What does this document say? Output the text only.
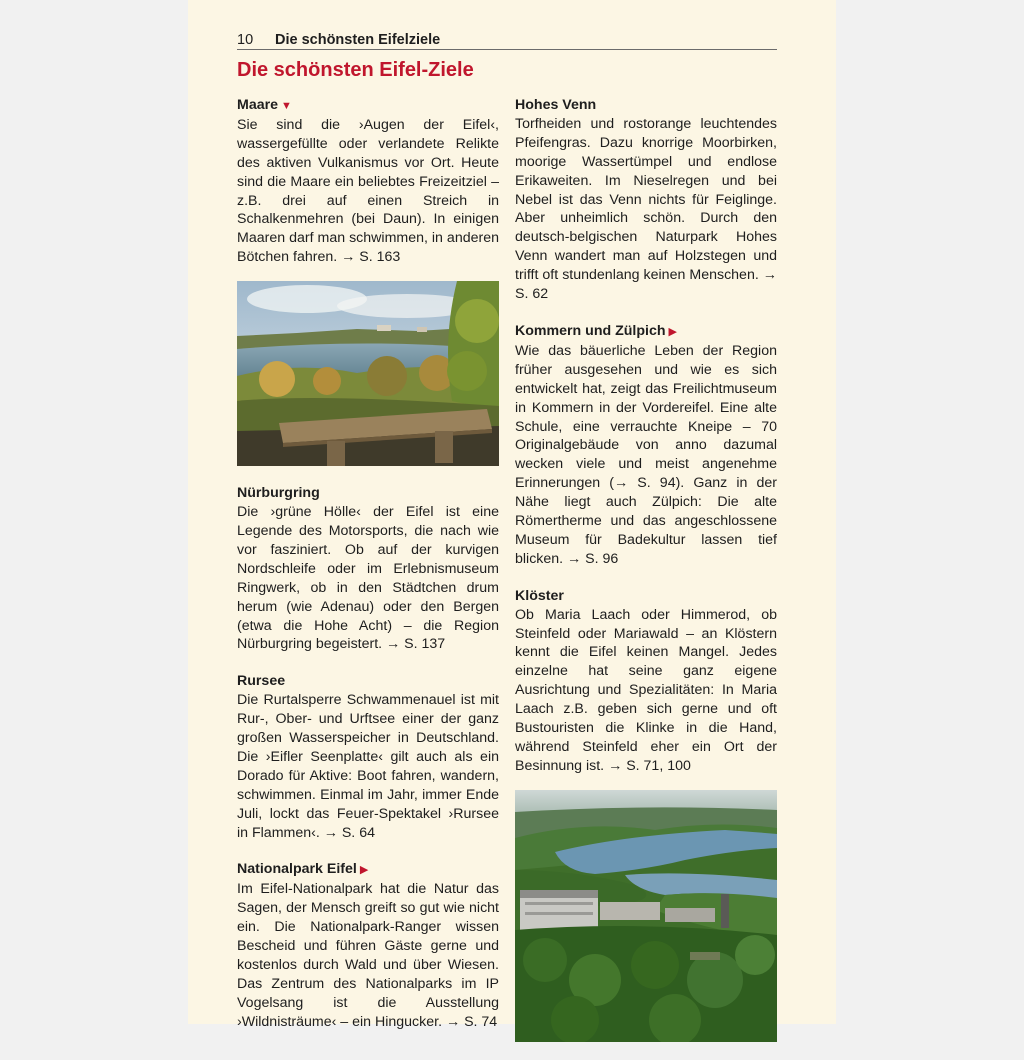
10 Die schönsten Eifelziele
Die schönsten Eifel-Ziele
Maare ▼

Sie sind die ›Augen der Eifel‹, wassergefüllte oder verlandete Relikte des aktiven Vulkanismus vor Ort. Heute sind die Maare ein beliebtes Freizeitziel – z.B. drei auf einen Streich in Schalkenmehren (bei Daun). In einigen Maaren darf man schwimmen, in anderen Bötchen fahren. → S. 163

Nürburgring

Die ›grüne Hölle‹ der Eifel ist eine Legende des Motorsports, die nach wie vor fasziniert. Ob auf der kurvigen Nordschleife oder im Erlebnismuseum Ringwerk, ob in den Städtchen drum herum (wie Adenau) oder den Bergen (etwa die Hohe Acht) – die Region Nürburgring begeistert. → S. 137

Rursee

Die Rurtalsperre Schwammenauel ist mit Rur-, Ober- und Urftsee einer der ganz großen Wasserspeicher in Deutschland. Die ›Eifler Seenplatte‹ gilt auch als ein Dorado für Aktive: Boot fahren, wandern, schwimmen. Einmal im Jahr, immer Ende Juli, lockt das Feuer-Spektakel ›Rursee in Flammen‹. → S. 64

Nationalpark Eifel ▶

Im Eifel-Nationalpark hat die Natur das Sagen, der Mensch greift so gut wie nicht ein. Die Nationalpark-Ranger wissen Bescheid und führen Gäste gerne und kostenlos durch Wald und über Wiesen. Das Zentrum des Nationalparks im IP Vogelsang ist die Ausstellung ›Wildnisträume‹ – ein Hingucker. → S. 74

Hohes Venn

Torfheiden und rostorange leuchtendes Pfeifengras. Dazu knorrige Moorbirken, moorige Wassertümpel und endlose Erikaweiten. Im Nieselregen und bei Nebel ist das Venn nichts für Feiglinge. Aber unheimlich schön. Durch den deutsch-belgischen Naturpark Hohes Venn wandert man auf Holzstegen und trifft oft stundenlang keinen Menschen. → S. 62

Kommern und Zülpich ▶

Wie das bäuerliche Leben der Region früher ausgesehen und wie es sich entwickelt hat, zeigt das Freilichtmuseum in Kommern in der Vordereifel. Eine alte Schule, eine verrauchte Kneipe – 70 Originalgebäude von anno dazumal wecken viele und meist angenehme Erinnerungen (→ S. 94). Ganz in der Nähe liegt auch Zülpich: Die alte Römertherme und das angeschlossene Museum für Badekultur lassen tief blicken. → S. 96

Klöster

Ob Maria Laach oder Himmerod, ob Steinfeld oder Mariawald – an Klöstern kennt die Eifel keinen Mangel. Jedes einzelne hat seine ganz eigene Ausrichtung und Spezialitäten: In Maria Laach z.B. geben sich gerne und oft Bustouristen die Klinke in die Hand, während Steinfeld eher ein Ort der Besinnung ist. → S. 71, 100
